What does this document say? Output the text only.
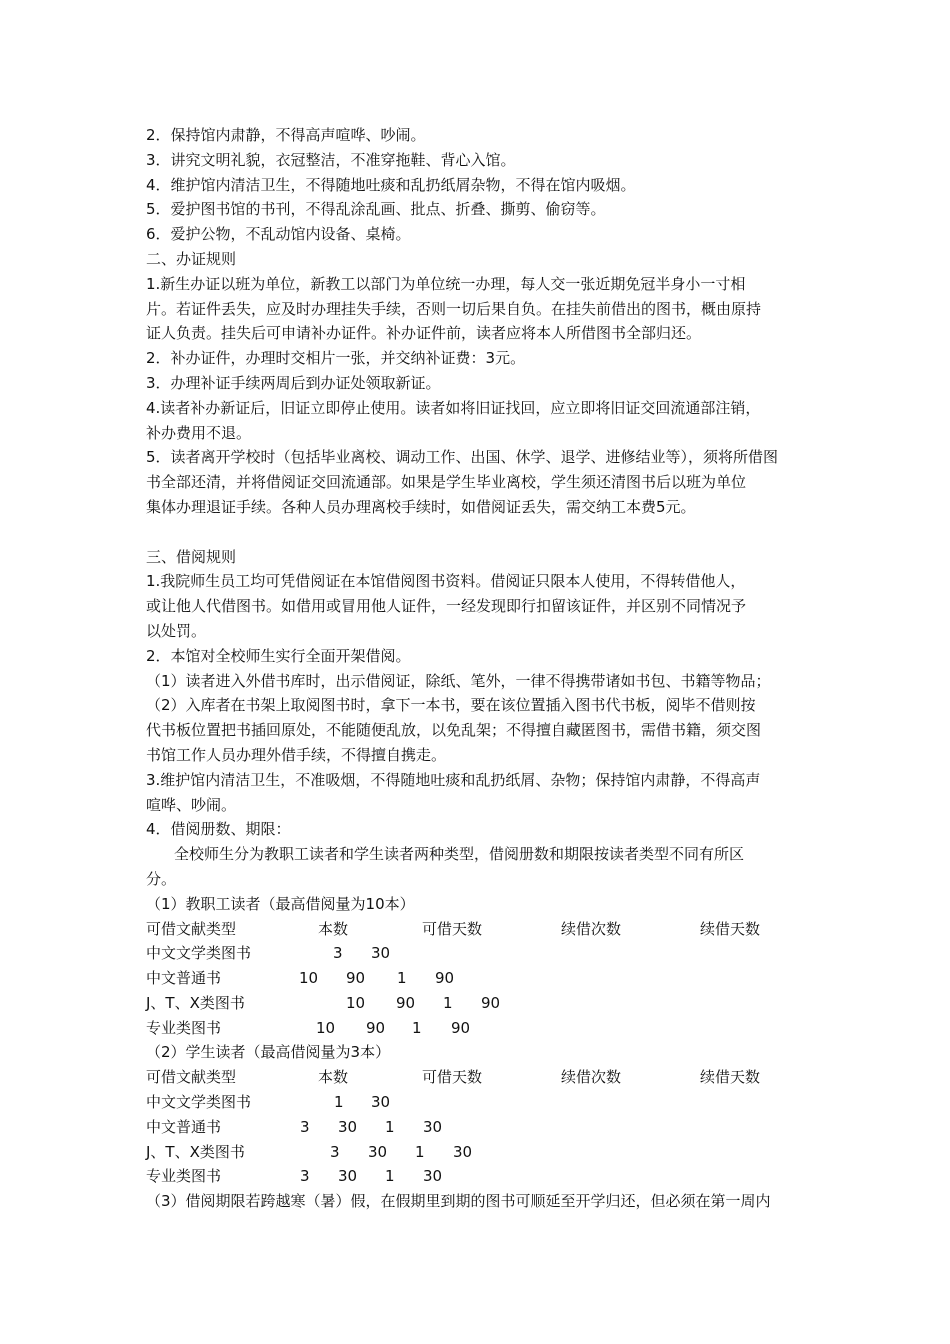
2．保持馆内肃静，不得高声喧哗、吵闹。
3．讲究文明礼貌，衣冠整洁，不准穿拖鞋、背心入馆。
4．维护馆内清洁卫生，不得随地吐痰和乱扔纸屑杂物，不得在馆内吸烟。
5．爱护图书馆的书刊，不得乱涂乱画、批点、折叠、撕剪、偷窃等。
6．爱护公物，不乱动馆内设备、桌椅。
二、办证规则
1.新生办证以班为单位，新教工以部门为单位统一办理，每人交一张近期免冠半身小一寸相
片。若证件丢失，应及时办理挂失手续，否则一切后果自负。在挂失前借出的图书，概由原持
证人负责。挂失后可申请补办证件。补办证件前，读者应将本人所借图书全部归还。
2．补办证件，办理时交相片一张，并交纳补证费：3元。
3．办理补证手续两周后到办证处领取新证。
4.读者补办新证后，旧证立即停止使用。读者如将旧证找回，应立即将旧证交回流通部注销，
补办费用不退。
5．读者离开学校时（包括毕业离校、调动工作、出国、休学、退学、进修结业等），须将所借图
书全部还清，并将借阅证交回流通部。如果是学生毕业离校，学生须还清图书后以班为单位
集体办理退证手续。各种人员办理离校手续时，如借阅证丢失，需交纳工本费5元。
三、借阅规则
1.我院师生员工均可凭借阅证在本馆借阅图书资料。借阅证只限本人使用，不得转借他人，
或让他人代借图书。如借用或冒用他人证件，一经发现即行扣留该证件，并区别不同情况予
以处罚。
2．本馆对全校师生实行全面开架借阅。
（1）读者进入外借书库时，出示借阅证，除纸、笔外，一律不得携带诸如书包、书籍等物品；
（2）入库者在书架上取阅图书时，拿下一本书，要在该位置插入图书代书板，阅毕不借则按
代书板位置把书插回原处，不能随便乱放，以免乱架；不得擅自藏匿图书，需借书籍，须交图
书馆工作人员办理外借手续，不得擅自携走。
3.维护馆内清洁卫生，不准吸烟，不得随地吐痰和乱扔纸屑、杂物；保持馆内肃静，不得高声
喧哗、吵闹。
4．借阅册数、期限：
全校师生分为教职工读者和学生读者两种类型，借阅册数和期限按读者类型不同有所区
分。
（1）教职工读者（最高借阅量为10本）
可借文献类型	本数	可借天数	续借次数	续借天数
中文文学类图书	3 30
中文普通书	10 90 1 90
J、T、X类图书	10 90 1 90
专业类图书	10 90 1 90
（2）学生读者（最高借阅量为3本）
可借文献类型	本数	可借天数	续借次数	续借天数
中文文学类图书	1 30
中文普通书	3 30 1 30
J、T、X类图书	3 30 1 30
专业类图书	3 30 1 30
（3）借阅期限若跨越寒（暑）假，在假期里到期的图书可顺延至开学归还，但必须在第一周内
